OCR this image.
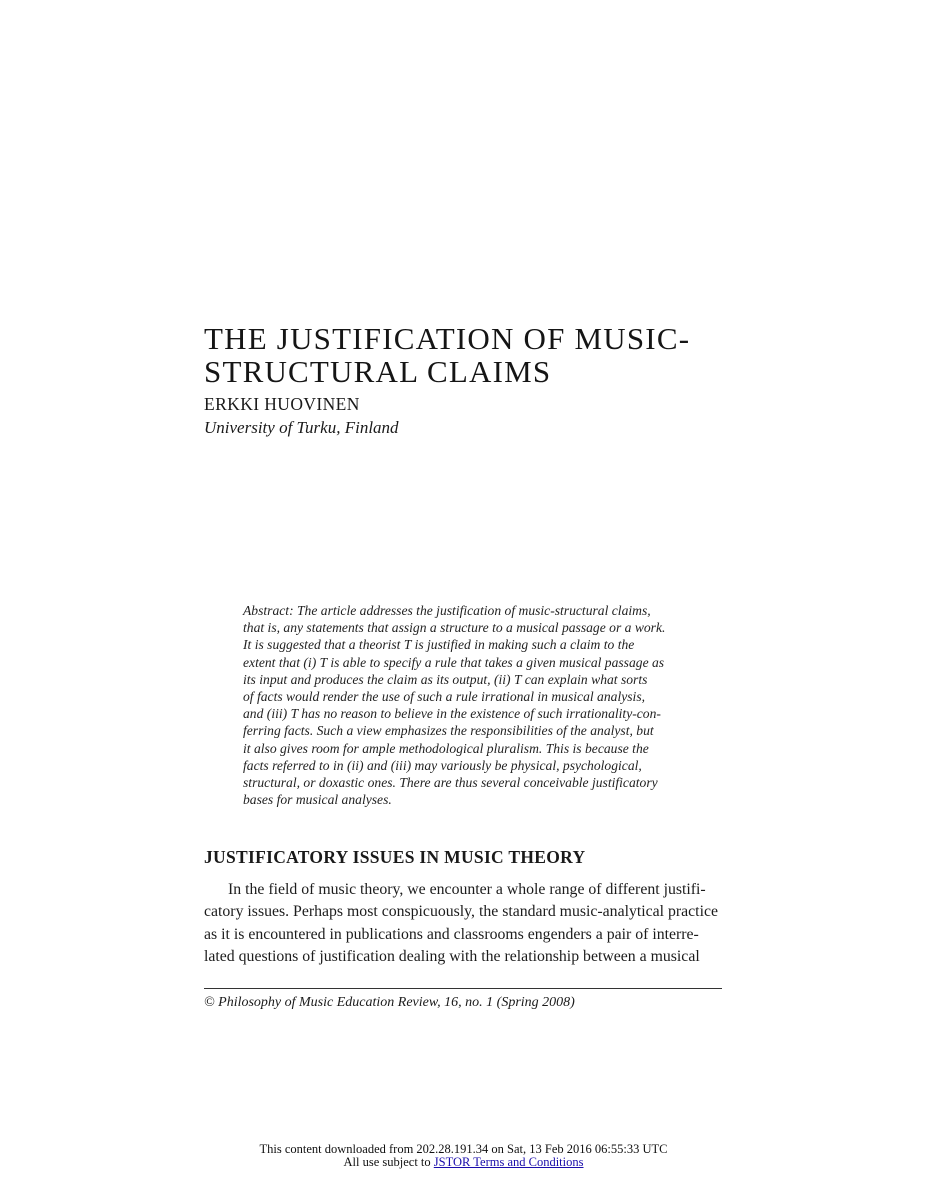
THE JUSTIFICATION OF MUSIC-
STRUCTURAL CLAIMS

ERKKI HUOVINEN

University of Turku, Finland

Abstract: The article addresses the justification of music-structural claims,
that is, any statements that assign a structure to a musical passage or a work.
It is suggested that a theorist T is justified in making such a claim to the
extent that (i) T is able to specify a rule that takes a given musical passage as
its input and produces the claim as its output, (ii) T can explain what sorts
of facts would render the use of such a rule irrational in musical analysis,
and (iii) T has no reason to believe in the existence of such irrationality-con-
ferring facts. Such a view emphasizes the responsibilities of the analyst, but
it also gives room for ample methodological pluralism. This is because the
facts referred to in (ii) and (iii) may variously be physical, psychological,
structural, or doxastic ones. There are thus several conceivable justificatory
bases for musical analyses.
JUSTIFICATORY ISSUES IN MUSIC THEORY
In the field of music theory, we encounter a whole range of different justifi-
catory issues. Perhaps most conspicuously, the standard music-analytical practice
as it is encountered in publications and classrooms engenders a pair of interre-
lated questions of justification dealing with the relationship between a musical

© Philosophy of Music Education Review, 16, no. 1 (Spring 2008)

This content downloaded from 202.28.191.34 on Sat, 13 Feb 2016 06:55:33 UTC
All use subject to JSTOR Terms and Conditions
